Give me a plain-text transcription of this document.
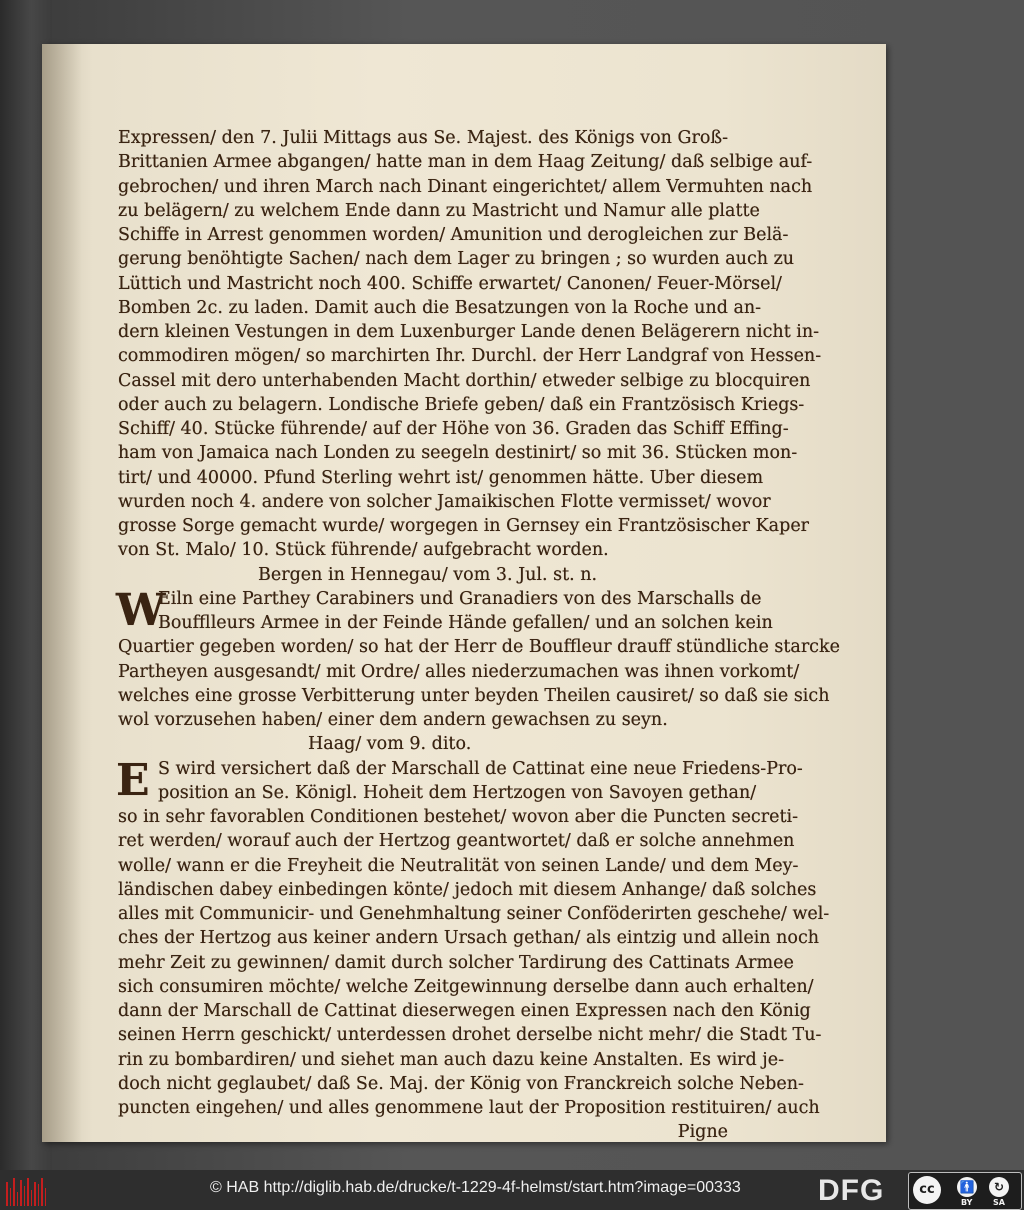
Expressen/ den 7. Julii Mittags aus Se. Majest. des Königs von Groß-
Brittanien Armee abgangen/ hatte man in dem Haag Zeitung/ daß selbige auf-
gebrochen/ und ihren March nach Dinant eingerichtet/ allem Vermuhten nach
zu belägern/ zu welchem Ende dann zu Mastricht und Namur alle platte
Schiffe in Arrest genommen worden/ Amunition und derogleichen zur Belä-
gerung benöhtigte Sachen/ nach dem Lager zu bringen ; so wurden auch zu
Lüttich und Mastricht noch 400. Schiffe erwartet/ Canonen/ Feuer-Mörsel/
Bomben 2c. zu laden. Damit auch die Besatzungen von la Roche und an-
dern kleinen Vestungen in dem Luxenburger Lande denen Belägerern nicht in-
commodiren mögen/ so marchirten Ihr. Durchl. der Herr Landgraf von Hessen-
Cassel mit dero unterhabenden Macht dorthin/ etweder selbige zu blocquiren
oder auch zu belagern. Londische Briefe geben/ daß ein Frantzösisch Kriegs-
Schiff/ 40. Stücke führende/ auf der Höhe von 36. Graden das Schiff Effing-
ham von Jamaica nach Londen zu seegeln destinirt/ so mit 36. Stücken mon-
tirt/ und 40000. Pfund Sterling wehrt ist/ genommen hätte. Uber diesem
wurden noch 4. andere von solcher Jamaikischen Flotte vermisset/ wovor
grosse Sorge gemacht wurde/ worgegen in Gernsey ein Frantzösischer Kaper
von St. Malo/ 10. Stück führende/ aufgebracht worden.
Bergen in Hennegau/ vom 3. Jul. st. n.
W
Eiln eine Parthey Carabiners und Granadiers von des Marschalls de
Boufflleurs Armee in der Feinde Hände gefallen/ und an solchen kein
Quartier gegeben worden/ so hat der Herr de Bouffleur drauff stündliche starcke
Partheyen ausgesandt/ mit Ordre/ alles niederzumachen was ihnen vorkomt/
welches eine grosse Verbitterung unter beyden Theilen causiret/ so daß sie sich
wol vorzusehen haben/ einer dem andern gewachsen zu seyn.
Haag/ vom 9. dito.
E S wird versichert daß der Marschall de Cattinat eine neue Friedens-Pro-
position an Se. Königl. Hoheit dem Hertzogen von Savoyen gethan/
so in sehr favorablen Conditionen bestehet/ wovon aber die Puncten secreti-
ret werden/ worauf auch der Hertzog geantwortet/ daß er solche annehmen
wolle/ wann er die Freyheit die Neutralität von seinen Lande/ und dem Mey-
ländischen dabey einbedingen könte/ jedoch mit diesem Anhange/ daß solches
alles mit Communicir- und Genehmhaltung seiner Conföderirten geschehe/ wel-
ches der Hertzog aus keiner andern Ursach gethan/ als eintzig und allein noch
mehr Zeit zu gewinnen/ damit durch solcher Tardirung des Cattinats Armee
sich consumiren möchte/ welche Zeitgewinnung derselbe dann auch erhalten/
dann der Marschall de Cattinat dieserwegen einen Expressen nach den König
seinen Herrn geschickt/ unterdessen drohet derselbe nicht mehr/ die Stadt Tu-
rin zu bombardiren/ und siehet man auch dazu keine Anstalten. Es wird je-
doch nicht geglaubet/ daß Se. Maj. der König von Franckreich solche Neben-
puncten eingehen/ und alles genommene laut der Proposition restituiren/ auch
Pigne
© HAB http://diglib.hab.de/drucke/t-1229-4f-helmst/start.htm?image=00333	DFG	cc	🚹	↻
BY	SA
